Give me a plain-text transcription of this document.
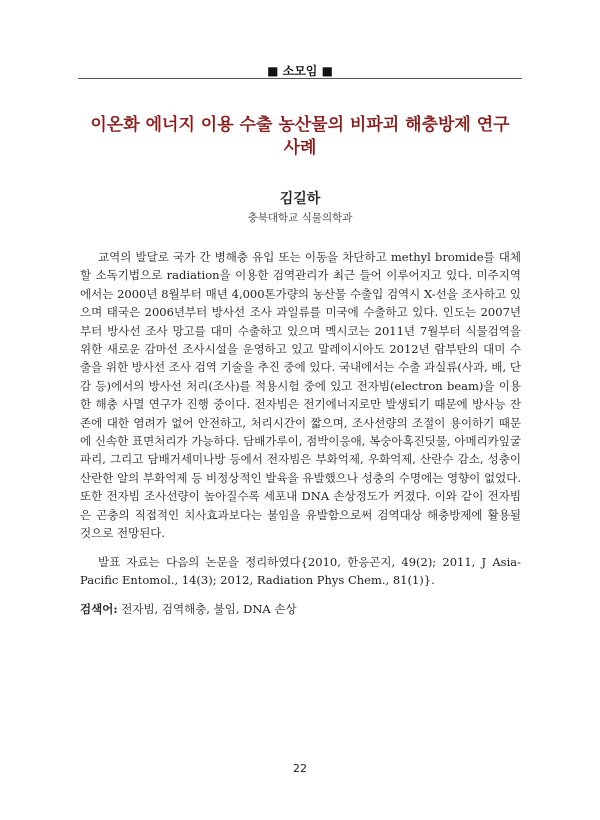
■ 소모임 ■
이온화 에너지 이용 수출 농산물의 비파괴 해충방제 연구사례
김길하
충북대학교 식물의학과

교역의 발달로 국가 간 병해충 유입 또는 이동을 차단하고 methyl bromide를 대체 할 소독기법으로 radiation을 이용한 검역관리가 최근 들어 이루어지고 있다. 미주지역에서는 2000년 8월부터 매년 4,000톤가량의 농산물 수출입 검역시 X-선을 조사하고 있으며 태국은 2006년부터 방사선 조사 과일류를 미국에 수출하고 있다. 인도는 2007년부터 방사선 조사 망고를 대미 수출하고 있으며 멕시코는 2011년 7월부터 식물검역을 위한 새로운 감마선 조사시설을 운영하고 있고 말레이시아도 2012년 람부탄의 대미 수출을 위한 방사선 조사 검역 기술을 추진 중에 있다. 국내에서는 수출 과실류(사과, 배, 단감 등)에서의 방사선 처리(조사)를 적용시험 중에 있고 전자빔(electron beam)을 이용한 해충 사멸 연구가 진행 중이다. 전자빔은 전기에너지로만 발생되기 때문에 방사능 잔존에 대한 염려가 없어 안전하고, 처리시간이 짧으며, 조사선량의 조절이 용이하기 때문에 신속한 표면처리가 가능하다. 담배가루이, 점박이응애, 복숭아혹진딧물, 아메리카잎굴파리, 그리고 담배거세미나방 등에서 전자빔은 부화억제, 우화억제, 산란수 감소, 성충이 산란한 알의 부화억제 등 비정상적인 발육을 유발했으나 성충의 수명에는 영향이 없었다. 또한 전자빔 조사선량이 높아질수록 세포내 DNA 손상정도가 커졌다. 이와 같이 전자빔은 곤충의 직접적인 치사효과보다는 불임을 유발함으로써 검역대상 해충방제에 활용될 것으로 전망된다.

발표 자료는 다음의 논문을 정리하였다{2010, 한응곤지, 49(2); 2011, J Asia-Pacific Entomol., 14(3); 2012, Radiation Phys Chem., 81(1)}.

검색어: 전자빔, 검역해충, 불임, DNA 손상

22
